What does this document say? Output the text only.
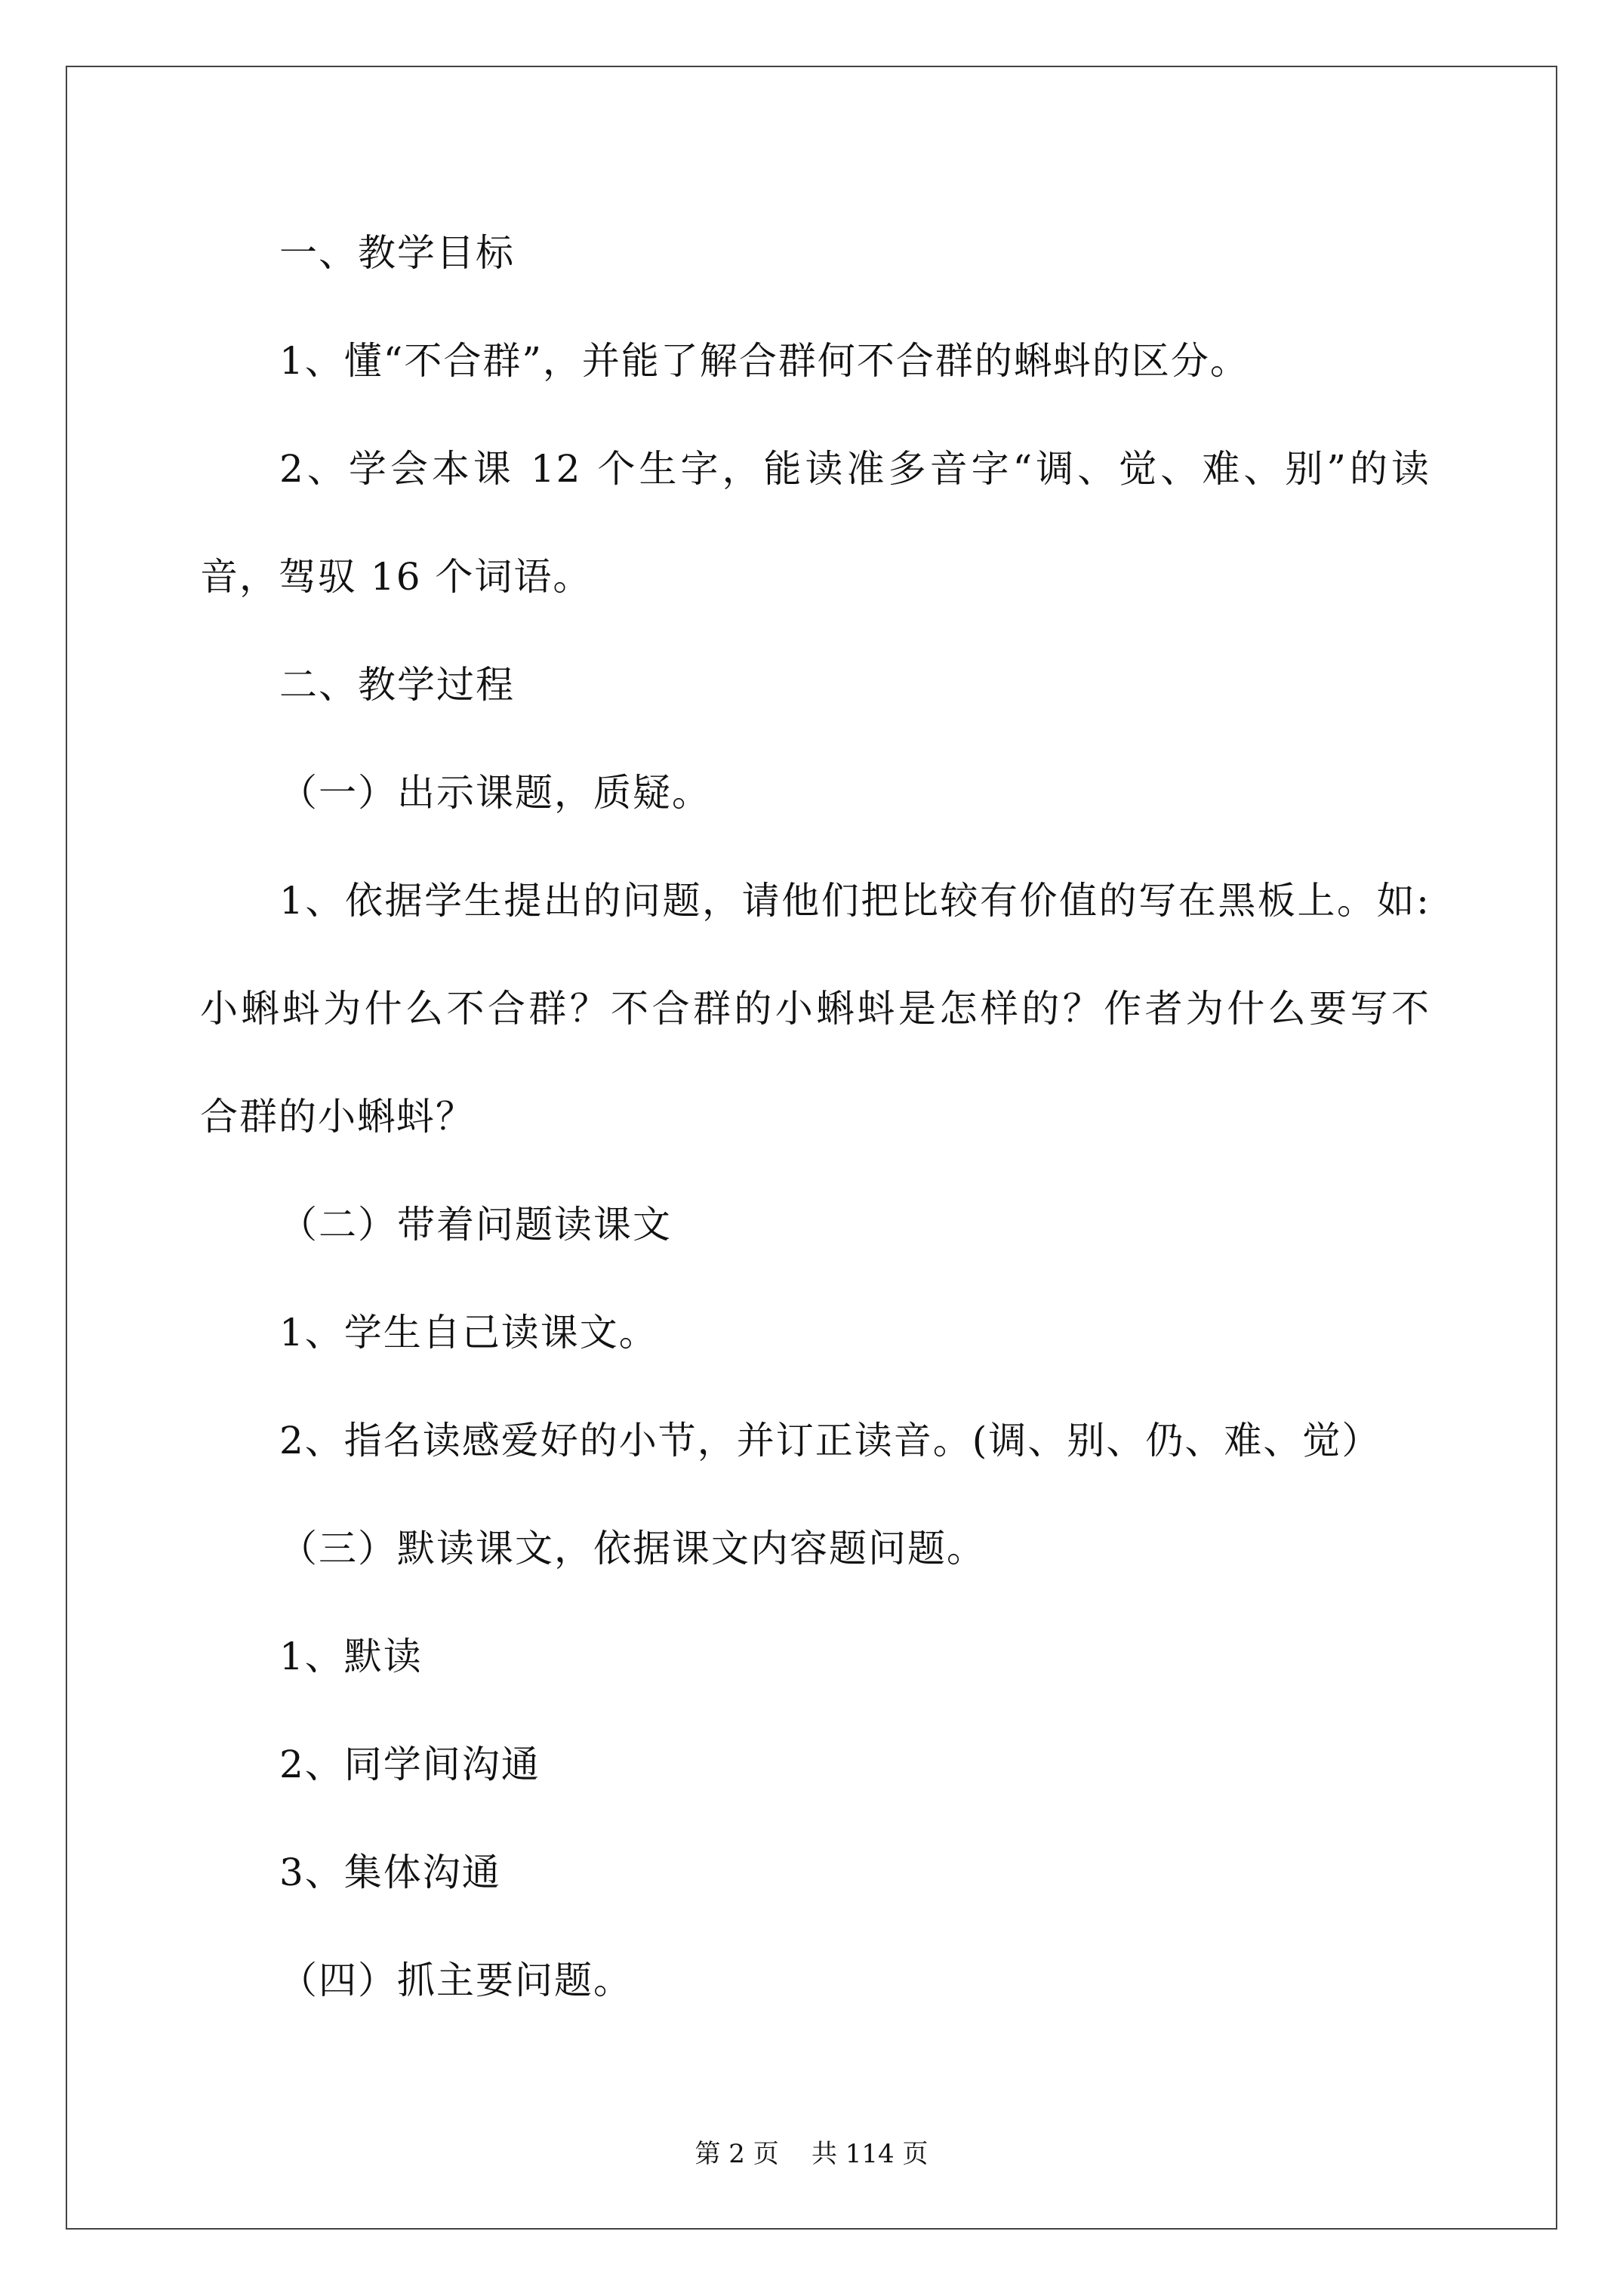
一、教学目标
1、懂“不合群”，并能了解合群何不合群的蝌蚪的区分。
2、学会本课 12 个生字，能读准多音字“调、觉、难、别”的读
音，驾驭 16 个词语。
二、教学过程
（一）出示课题，质疑。
1、依据学生提出的问题，请他们把比较有价值的写在黑板上。如:
小蝌蚪为什么不合群？不合群的小蝌蚪是怎样的？作者为什么要写不
合群的小蝌蚪？
（二）带着问题读课文
1、学生自己读课文。
2、指名读感爱好的小节，并订正读音。(调、别、仍、难、觉）
（三）默读课文，依据课文内容题问题。
1、默读
2、同学间沟通
3、集体沟通
（四）抓主要问题。
第 2 页 共 114 页
